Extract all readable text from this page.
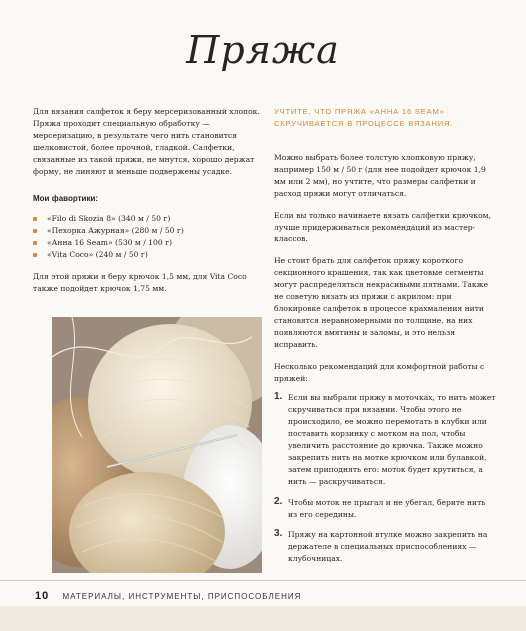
Пряжа

Для вязания салфеток я беру мерсеризованный хлопок. Пряжа проходит специальную обработку — мерсеризацию, в результате чего нить становится шелковистой, более прочной, гладкой. Салфетки, связанные из такой пряжи, не мнутся, хорошо держат форму, не линяют и меньше подвержены усадке.

Мои фавортики:
«Filo di Skozia 8» (340 м / 50 г)
«Пехорка Ажурная» (280 м / 50 г)
«Анна 16 Seam» (530 м / 100 г)
«Vita Coco» (240 м / 50 г)

Для этой пряжи я беру крючок 1,5 мм, для Vita Coco также подойдет крючок 1,75 мм.

УЧТИТЕ, ЧТО ПРЯЖА «АННА 16 SEAM» СКРУЧИВАЕТСЯ В ПРОЦЕССЕ ВЯЗАНИЯ.

Можно выбрать более толстую хлопковую пряжу, например 150 м / 50 г (для нее подойдет крючок 1,9 мм или 2 мм), но учтите, что размеры салфетки и расход пряжи могут отличаться.

Если вы только начинаете вязать салфетки крючком, лучше придерживаться рекомендаций из мастер-классов.

Не стоит брать для салфеток пряжу короткого секционного крашения, так как цветовые сегменты могут распределяться некрасивыми пятнами. Также не советую вязать из пряжи с акрилом: при блокировке салфеток в процессе крахмаления нити становятся неравномерными по толщине, на них появляются вмятины и заломы, и это нельзя исправить.

Несколько рекомендаций для комфортной работы с пряжей:

1. Если вы выбрали пряжу в моточках, то нить может скручиваться при вязании. Чтобы этого не происходило, ее можно перемотать в клубки или поставить корзинку с мотком на пол, чтобы увеличить расстояние до крючка. Также можно закрепить нить на мотке крючком или булавкой, затем приподнять его: моток будет крутиться, а нить — раскручиваться.
2. Чтобы моток не прыгал и не убегал, берите нить из его середины.
3. Пряжу на картонной втулке можно закрепить на держателе в специальных приспособлениях — клубочницах.
10 МАТЕРИАЛЫ, ИНСТРУМЕНТЫ, ПРИСПОСОБЛЕНИЯ
